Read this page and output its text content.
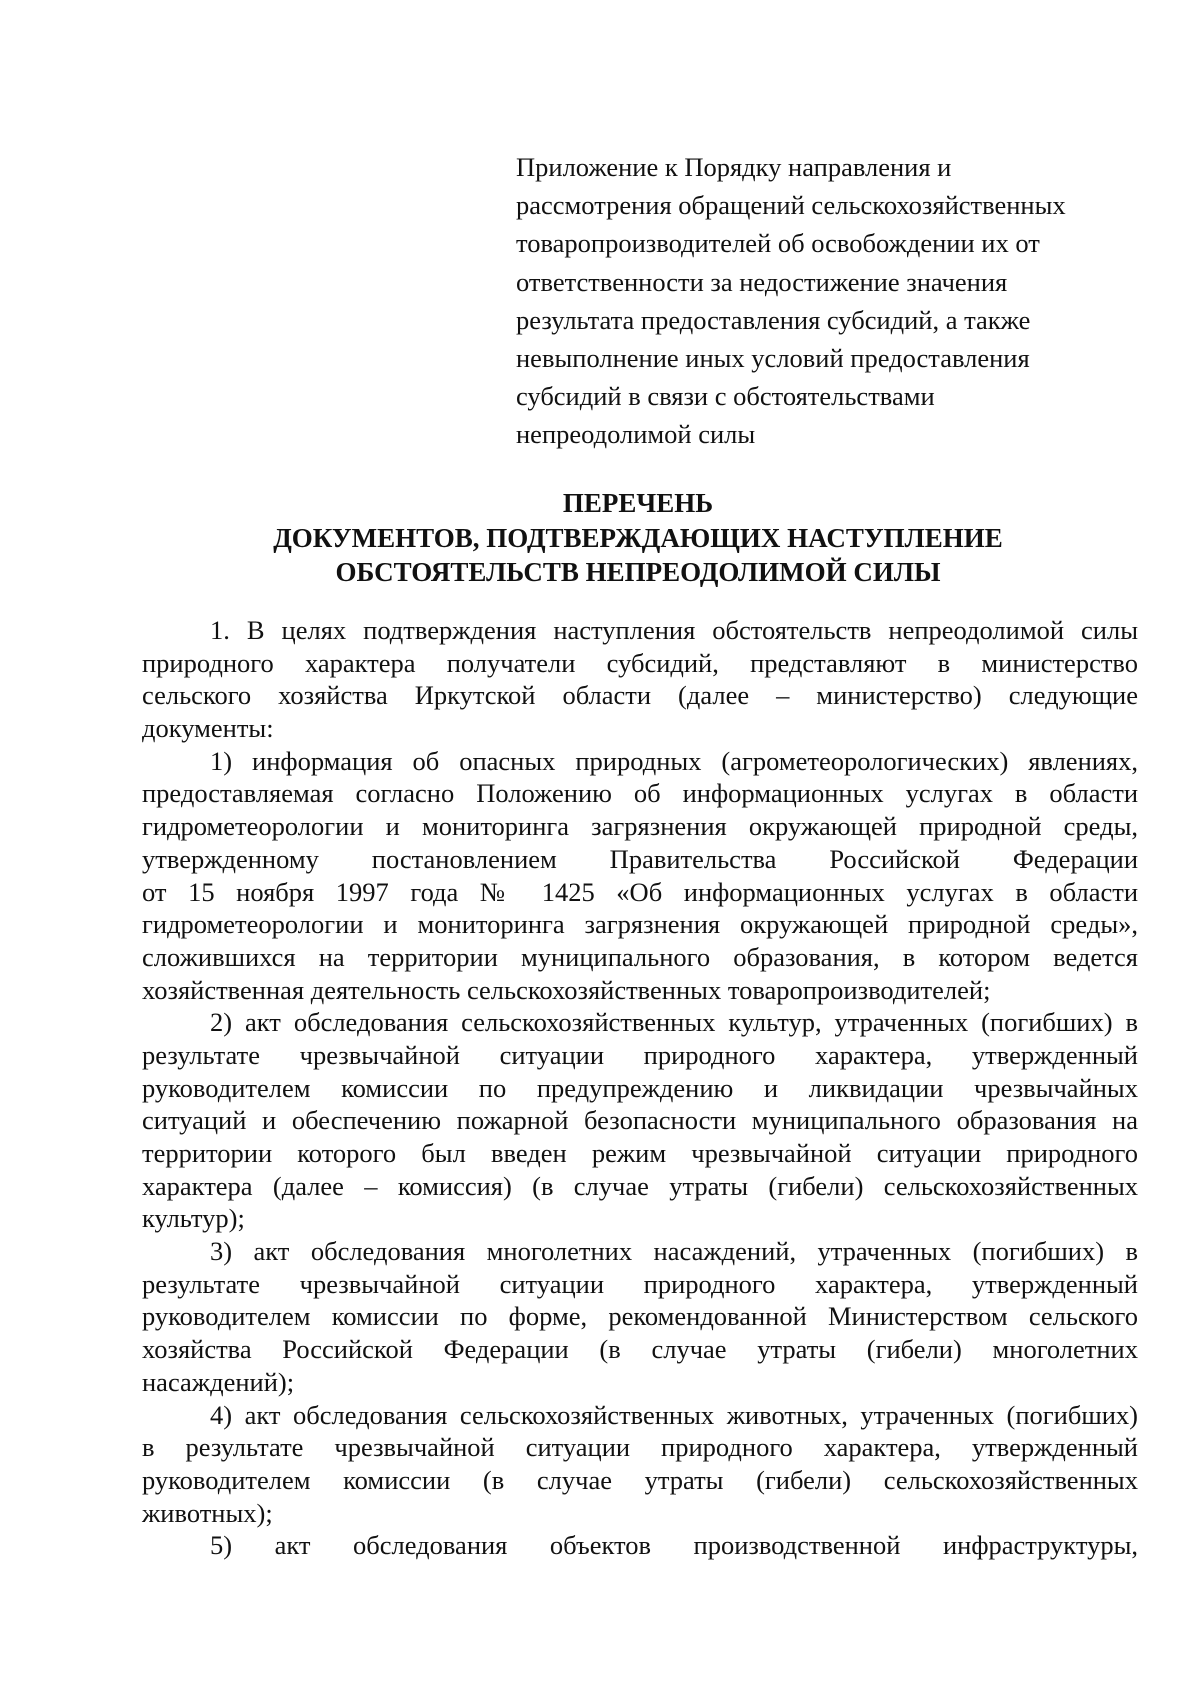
Приложение к Порядку направления и
рассмотрения обращений сельскохозяйственных
товаропроизводителей об освобождении их от
ответственности за недостижение значения
результата предоставления субсидий, а также
невыполнение иных условий предоставления
субсидий в связи с обстоятельствами
непреодолимой силы
ПЕРЕЧЕНЬ
ДОКУМЕНТОВ, ПОДТВЕРЖДАЮЩИХ НАСТУПЛЕНИЕ
ОБСТОЯТЕЛЬСТВ НЕПРЕОДОЛИМОЙ СИЛЫ
1. В целях подтверждения наступления обстоятельств непреодолимой силы
природного характера получатели субсидий, представляют в министерство
сельского хозяйства Иркутской области (далее – министерство) следующие
документы:
1) информация об опасных природных (агрометеорологических) явлениях,
предоставляемая согласно Положению об информационных услугах в области
гидрометеорологии и мониторинга загрязнения окружающей природной среды,
утвержденному постановлением Правительства Российской Федерации
от 15 ноября 1997 года № 1425 «Об информационных услугах в области
гидрометеорологии и мониторинга загрязнения окружающей природной среды»,
сложившихся на территории муниципального образования, в котором ведется
хозяйственная деятельность сельскохозяйственных товаропроизводителей;
2) акт обследования сельскохозяйственных культур, утраченных (погибших) в
результате чрезвычайной ситуации природного характера, утвержденный
руководителем комиссии по предупреждению и ликвидации чрезвычайных
ситуаций и обеспечению пожарной безопасности муниципального образования на
территории которого был введен режим чрезвычайной ситуации природного
характера (далее – комиссия) (в случае утраты (гибели) сельскохозяйственных
культур);
3) акт обследования многолетних насаждений, утраченных (погибших) в
результате чрезвычайной ситуации природного характера, утвержденный
руководителем комиссии по форме, рекомендованной Министерством сельского
хозяйства Российской Федерации (в случае утраты (гибели) многолетних
насаждений);
4) акт обследования сельскохозяйственных животных, утраченных (погибших)
в результате чрезвычайной ситуации природного характера, утвержденный
руководителем комиссии (в случае утраты (гибели) сельскохозяйственных
животных);
5) акт обследования объектов производственной инфраструктуры,
